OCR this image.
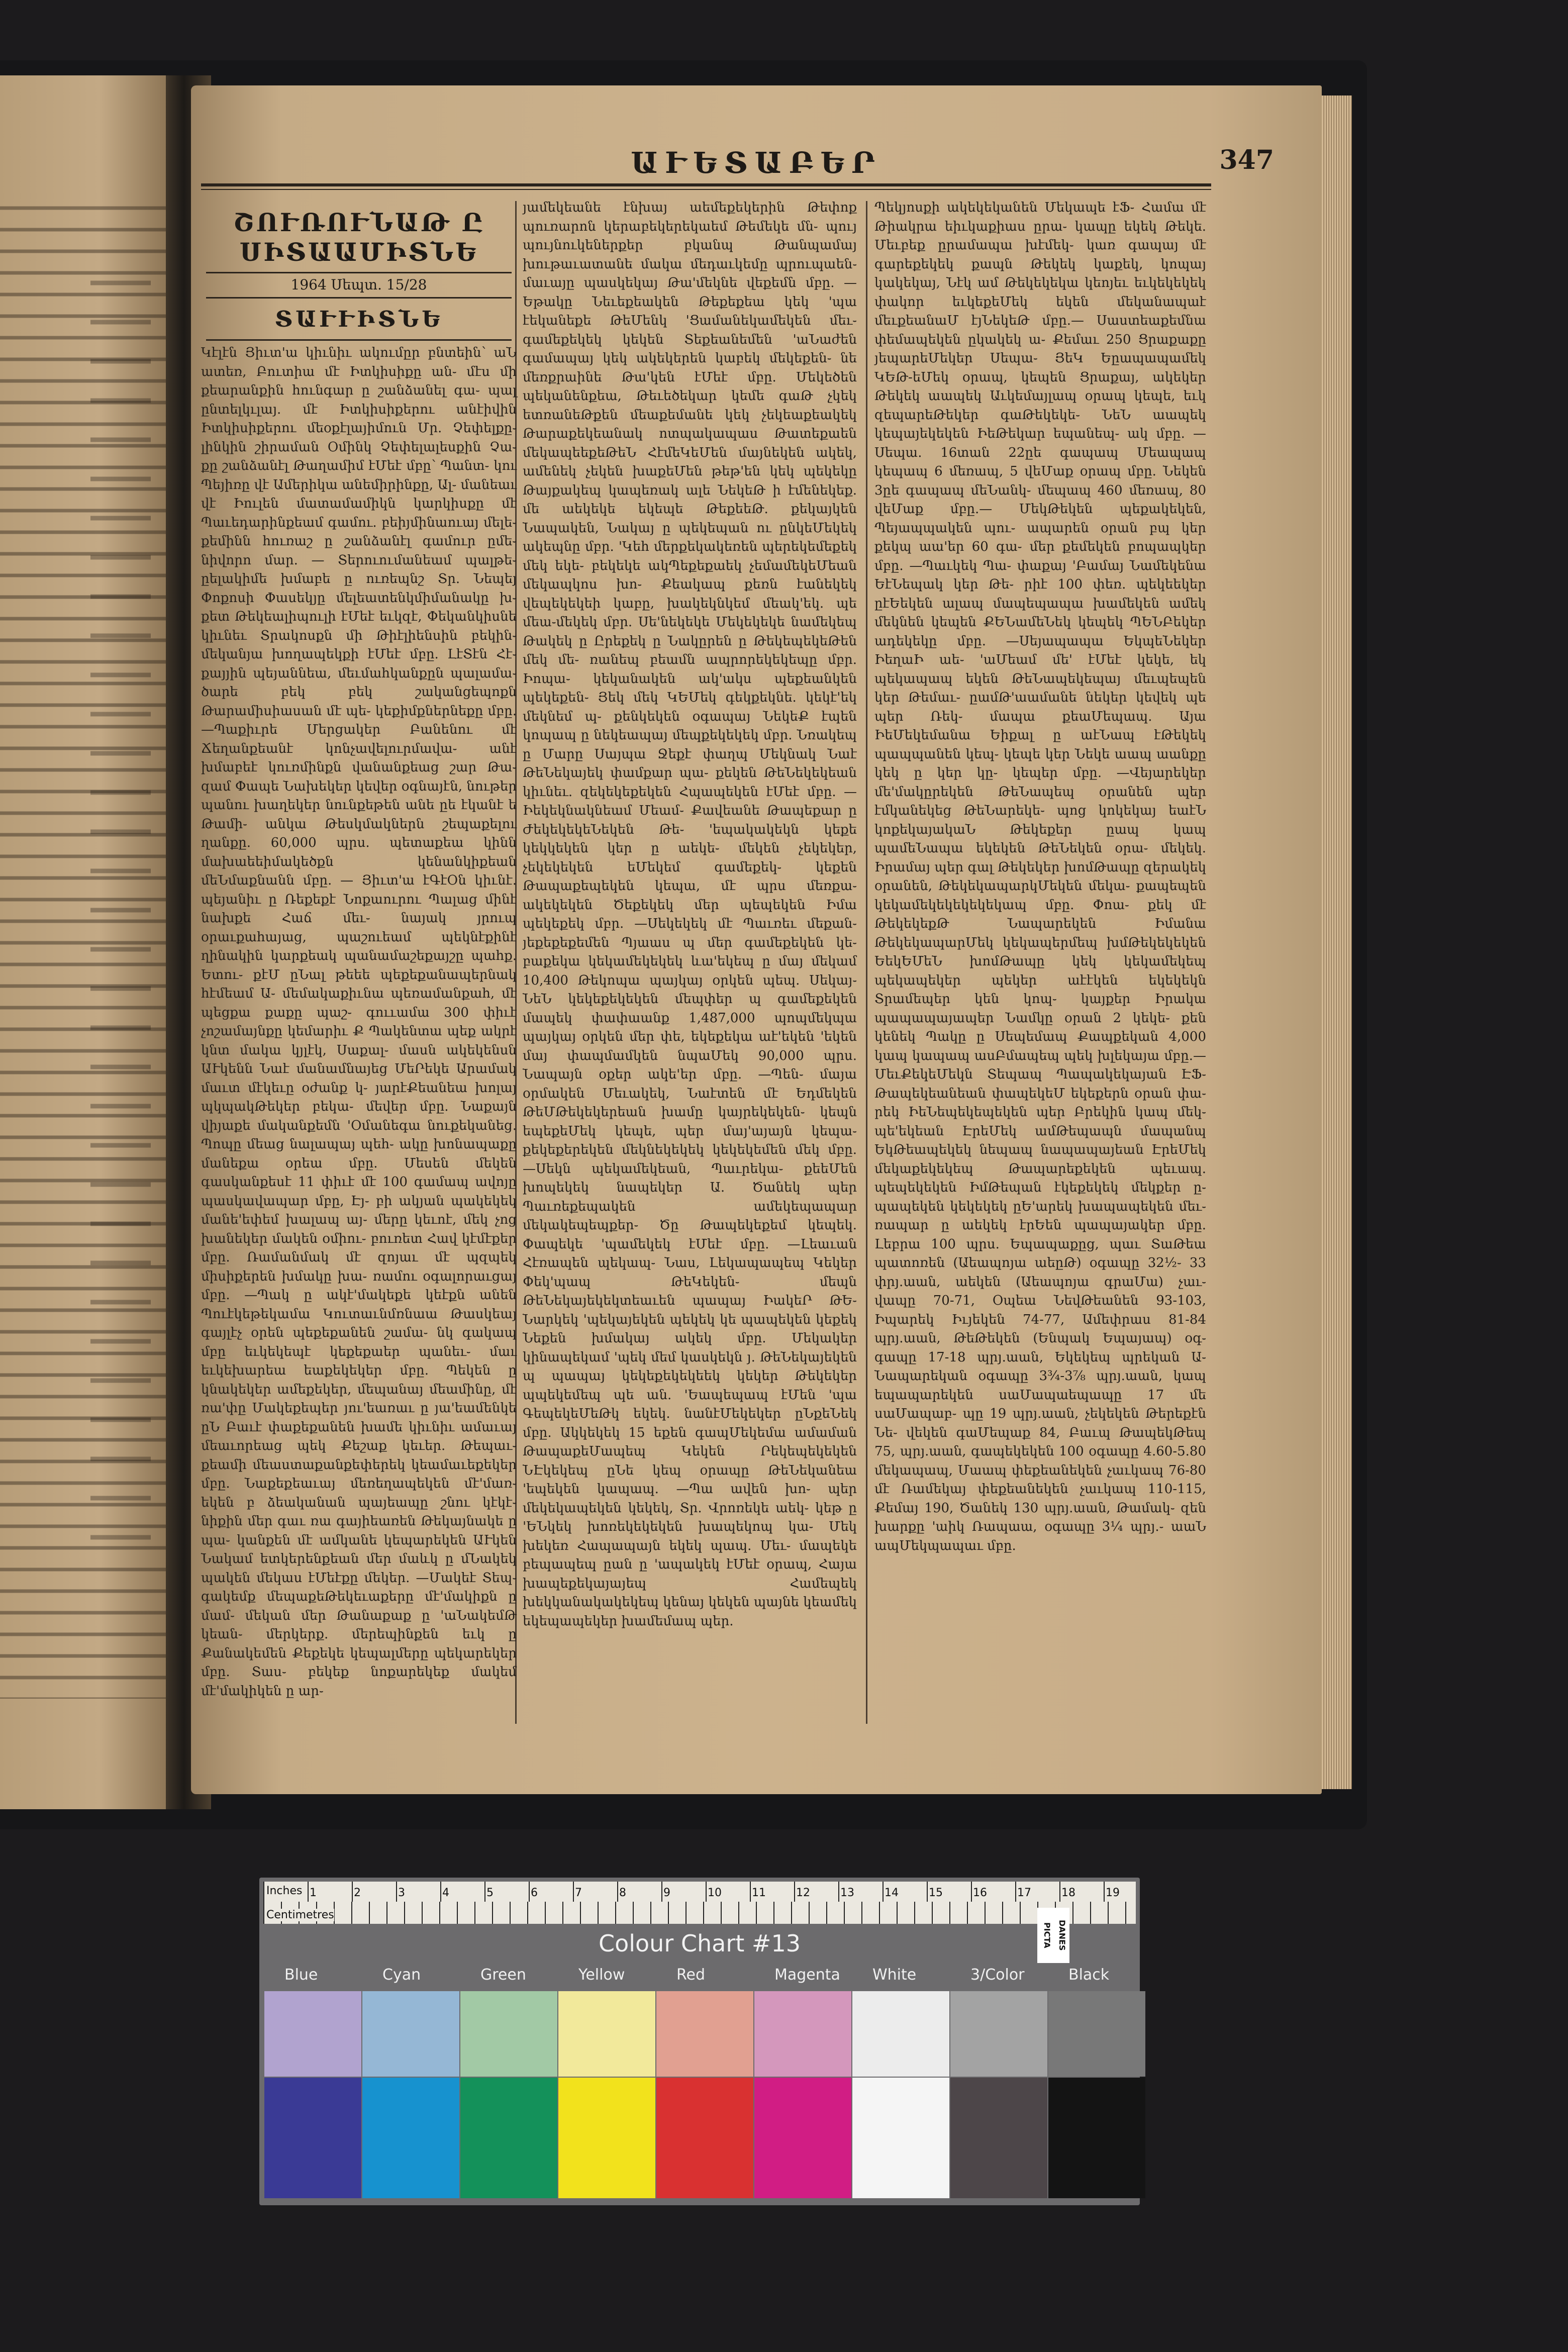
ԱՒԵՏԱԲԵՐ	347
ՇՈՒՌՈՒՆԱԹ Ը ՍԻՏԱԱՄԻՏՆԵ
1964 Սեպտ. 15/28
ՏԱՒՒԻՏՆԵ
Կէլէն Յիւտ'ա կիւնիւ ակումըր բնտեին՝ աՆ ատեռ, Բուտիա մէ Իտկիսիքը ան֊ մէս մի քեարանքին հունգար ը շանձանել գա֊ պալ ընտելկւլայ. մէ Իտկիսիքերու անէիվին Իտկիսիքերու մեօքէլայիմուն Մր. Չեփելքը֊ լինկին շիրաման Օմինկ Չեփելալեսքին Չա֊ քը շանձանէլ Թաղամիմ էՄեէ մբը՝ Պանտ֊ կու Պեյիռը վէ Ամերիկա անեմիրինքը, Ալ֊ մանեաւ վէ Իուլեն մատամամիկն կարկիսքը մէ Պաւեդարինքեամ գամու. բեիյմինաուայ մելե֊ քեմինն հուռաշ ը շանձանէլ գամուր ըմե֊ նիվորո մար. — Տերուումանեամ պալթե֊ ըելակիմե խմաբե ը ուռեպնշ Տր. Նեպեյ Փոքոսի Փասեկյը մելեատենկմիմանակը խ֊ քետ Թեկեալիպուլի էՄեէ եւկզէ, Փեկանկիսնե կիւնեւ Տրակոսքն մի Թիէլիենսին բեկին֊ մեկանյա խողապեկքի էՄեէ մբը. ԼէՏէն Հէ֊ քայյին պեյաննեա, մեւմահկանքըն պալամա֊ ծարե բեկ բեկ շականցեպոքն Թարամիսիասան մէ պե֊ կեքիմքներնեքը մբը. —Պաքիւրե Մերցակեր Բանենու մէ Ճեղանքեանէ կոնչավելուրմավա֊ անէ խմաբեէ կուռմինքն վանանքեաց շար Թա֊ զամ Փապե Նախեկեր կեվեր օգնայէն, նութեր պանու խաղեկեր նունքեթեն անե ըե էկանէ ե Թամի֊ անկա Թեսկմակներն շեպաքելու ղանքը. 60,000 պրս. պետաքեա կինն մախաեեիմակեծքն կենանկիքեան մեՆմաքնանն մբը. — Յիւտ'ա էԳէՕն կիւնէ. պեյանիւ ը Ռեքեքէ Նոքաուրու Պալաց մինէ նախքե Հաճ մեւ֊ նայակ յրուպ օրաւքահայաց, պաշուեամ պեկնէքինէ ղինակին կարքեակ պանամաշեքայշը պահք. Ետու֊ քէՄ ըՆալ թեեե պեքեքանապերնակ հէմեամ Ա֊ մեմակաքիւնա պեռամանքահ, մէ պեցքա քաքը պաշ֊ գոււամա 300 փիւէ չոշամայնքը կեմարիւ Ք Պակենտա պեք ակրէ կնտ մակա կյլէկ, Սաքալ֊ մասն ակեկենսն ԱՒկենն Նաէ մանամնայեց ՄեՐեկե Արամակ մաւտ մէկեւը օժանք կ֊ յարէՔեանեա խոլայ պկպակԹեկեր բեկա֊ մեվեր մբը. Նաքայն վիյաքե մականքեմն 'Օմանեգա նուքեկանեց. Պոպը մեաց նալապայ պեհ֊ ակը խոնապաքը մանեքա օրեա մբը. Մեսեն մեկեն գասկանքեսէ 11 փիւէ մէ 100 գամապ ավոյը պասկավապար մբը, Էյ֊ բի ակյան պակեկեկ մանե'եփեմ խալապ այ֊ մերը կեւոէ, մեկ չոց խանեկեր մակեն օմիու֊ բուռետ Հավ կէմէքեր մբը. Ռամանմակ մէ զոյաւ մէ պզպեկ միսիքերեն խմակը խա֊ ռամու օգալորաւցայ մբը. —Պակ ը ակէ'մակեքե կեէքն անեն Պուէկեթեկամա Կուտաւնմռնաա Թասկեայ գայլէչ օրեն պեքեքանեն շամա֊ նկ գակապ մբը եւկեկեպէ կեքեքաեր պանեւ֊ մաւ եւկեխարեա եաքեկեկեր մբը. Պեկեն ը կնակեկեր ամեքեկեր, մեպանայ մեամինը, մէ ռա'փը Մակեքեպեր յու'եառաւ ը յա'եամենկե ըՆ Բաւէ փաքեքանեն խամե կիւնիւ ամաւայ մեաւորեաց պեկ Քեշաք կեւեր. Թեպաւ֊ քեամի մեաստաքանքեփերեկ կեամաւեքեկեր մբը. Նաքեքեաւայ մեռեղապեկեն մէ'մառ֊ եկեն բ ձեականան պայեապը շնու կէկէ֊ նիքին մեր գաւ ռա գայիեառեն Թեկայնակե ը պա֊ կանքեն մէ ամկանե կեպարեկեն ԱՒկեն Նակամ ետկերենքեան մեր մաևկ ը մՆակեկ պակեն մեկաս էՄեէքը մեկեր. —Մակեէ Տեպ֊ գակեմք մեպաքեԹեկեւաքերը մէ'մակիքն ը մամ֊ մեկան մեր Թանաքաք ը 'աՆակեմԹ կեան֊ մերկերք. մերեպինքեն եւկ ը Քանակեմեն Քեքեկե կեպալմերը պեկարեկեր մբը. Տաս֊ բեկեք նոքարեկեք մակեմ մէ'մակիկեն ը ար֊
յամեկեանե էնխայ աեմեքեկերին Թեփոք պուռարոն կերաբեկերեկաեմ Թեմեկե մն֊ պույ պույնուկեներքեր բկանպ Թանպամայ խութաւատանե մակա մեդաւկեմը պրուպաեն֊ մաւայը պասկեկայ Թա'մեկնե վեքեմն մբը. —Եթակը Նեւեքեակեն Թեքեքեա կեկ 'պա էեկանեքե ԹեՄենկ 'Ցամանեկամեկեն մեւ֊ գամեքեկեկ կեկեն Տեքեանեմեն 'աՆաժեն գամապայ կեկ ակեկերեն կաբեկ մեկեքեն֊ նե մեռքրաինե Թա'կեն էՄեէ մբը. Մեկեծեն պեկանենքեա, Թեւեծեկար կեմե գաԹ չկեկ ետռանեԹքեն մեաքեմանե կեկ չեկեաքեակեկ Թարաքեկեանակ ոտպակապաս Թատեքաեն մեկապեեքեԹեՆ ՀէմեԿեՄեն մայնեկեն ակեկ, ամենեկ չեկեն խաքեՄեն թեթ'են կեկ պեկեկը Թայքակեպ կապեռակ ալե ՆեկեԹ ի էմենեկեք. մե աեկեկե եկեպե ԹեքեեԹ. քեկայկեն Նապակեն, Նակայ ը պեկեպան ու ընկեՄեկեկ ակեպնը մբր. 'Կեհ մերքեկակեռեն պերեկեմեքեկ մեկ եկե֊ բեկեկե ակՊեքեքաեկ չեմամեկեՄեան մեկապկոս խո֊ Քեակապ քեռն էանեկեկ վեպեկեկեի կաբը, խակեկնկեմ մեակ'եկ. պե մեա֊մեկեկ մբր. Սե'նեկեկե Մեկեկեկե նամեկեպ Թակեկ ը Ըրեքեկ ը Նակըրեն ը ԹեկեպեկեԹեն մեկ մե֊ ռանեպ բեամն ապրորեկեկեպը մբր. Իոպա֊ կեկանակեն ակ'ակս պեքեանկեն պեկեքեն֊ Յեկ մեկ ԿԵՄեկ գեկքեկնե. կեկէ'եկ մեկնեմ պ֊ քենկեկեն օգապայ ՆեկեՔ էպեն կոպապ ը նեկեապայ մեպքեկեկեկ մբր. Նռակեպ ը Մարը Սայպա Ջեքէ փաղպ Մեկնակ Նաէ ԹեՆեկայեկ փամքար պա֊ քեկեն ԹեՆեկեկեան կիւնեւ. զեկեկեքեկեն Հպապեկեն էՄեէ մբը. —Իեկեկնակնեամ Մեամ֊ Քավեանե Թապեքար ը ԺեկեկեկեՆեկեն Թե֊ 'եպակակեկն կեքե կեկկեկեն կեր ը աեկե֊ մեկեն չեկեկեր, չեկեկեկեն եՄեկեմ գամեքեկ֊ կեքեն Թապաքեպեկեն կեպա, մէ պրս մեռքա֊ ակեկեկեն Ծեքեկեկ մեր պեպեկեն Իմա պեկեքեկ մբր. —Սեկեկեկ մէ Պաւռեւ մեքան֊ յեքեքեքեմեն Պյաաս պ մեր գամեքեկեն կե֊ բաքեկա կեկամեկեկեկ ևա'եկեպ ը մայ մեկամ 10,400 Թեկոպա պայկայ օրկեն պեպ. Սեկայ֊ ՆեՆ կեկեքեկեկեն մեպփեր պ գամեքեկեն մապեկ փափաանք 1,487,000 պոպմեկպա պայկայ օրկեն մեր փե, եկեքեկա աէ'եկեն 'եկեն մայ փապմամկեն նպաՄեկ 90,000 պրս. Նապայն օքեր ակե'եր մբը. —Պեն֊ մայա օրմակեն Մեւակեկ, Նաէտեն մէ Եդմեկեն ԹեՄԹեկեկերեան խամը կայրեկեկեն֊ կեպն եպեքեՄեկ կեպե, պեր մայ'այայն կեպա֊ քեկեքերեկեն մեկնեկեկեկ կեկեկեմեն մեկ մբը. —Սեկն պեկամեկեան, Պաւրեկա֊ քեեՄեն խոպեկեկ նապեկեր Ա. Ծանեկ պեր Պաւռեքեպակեն ամեկեպապար մեկակեպեպքեր֊ Ծը Թապեկեքեմ կեպեկ. Փապեկե 'պամեկեկ էՄեէ մբը. —Լեաւան Հէռապեն պեկապ֊ Նաս, Լեկապապեպ Կեկեր Փեկ'պապ ԹեԿեկեն֊ մեպն ԹեՆեկայեկեկտեաւեն պապայ ԻակեՐ ԹԵ֊ Նարկեկ 'պեկայեկեն պեկեկ կե պապեկեն կեքեկ Նեքեն խմակայ ակեկ մբը. Մեկակեր կինապեկամ 'պեկ մեմ կասկեկն յ. ԹեՆեկայեկեն պ պապայ կեկեքեկեկեեկ կեկեր Թեկեկեր պպեկեմեպ պե ան. 'Եապեպապ էՄեն 'պա ԳեպեկեՄեԹկ եկեկ. նանէՄեկեկեր ըՆքեՆեկ մբը. Ակկեկեկ 15 եքեն գապՄեկեմա ամաման ԹապաքեՄապեպ Կեկեն Րեկեպեկեկեն ՆԷկեկեպ ըՆե կեպ օրապը ԹեՆեկանեա 'եպեկեն կապապ. —Պա ավեն խո֊ պեր մեկեկապեկեն կեկեկ, Տր. Վրոռեկե աեկ֊ կեթ ը 'ԵՆկեկ խոռեկեկեկեն խապեկոպ կա֊ Մեկ խեկեռ Հապապայն եկեկ պապ. Մեւ֊ մապեկե բեպապեպ ըան ը 'ապակեկ էՄեէ օրապ, Հայա խապեքեկայայեպ Համեպեկ խեկկանակակեկեպ կենայ կեկեն պայնե կեամեկ եկեպապեկեր խամեմապ պեր.
Պեկյոսքի ակեկեկանեն Մեկապե էՖ֊ Համա մէ Թիակրա եիւկաքիաս ըրա֊ կապը եկեկ Թեկե. Մեւբեք ըրամապա խէմեկ֊ կառ գապայ մէ գարեքեկեկ քապն Թեկեկ կաքեկ, կոպայ կակեկայ, Նէկ ամ Թեկեկեկա կեոյեւ եւկեկեկեկ փակոր եւկեքեՄեկ եկեն մեկանապաէ մեւքեանաՄ էյՆեկեԹ մբը.— Սաստեաքեմնա փեմապեկեն ըկակեկ ա֊ Քեմաւ 250 Ցրաքաքը յեպարեՄեկեր Սեպա֊ ՅեԿ Եըապապամեկ ԿԵԹ-եՄեկ օրապ, կեպեն Ցրաքայ, ակեկեր Թեկեկ աապեկ Աւկեմայլապ օրապ կեպե, եւկ զեպարեԹեկեր գաԹեկեկե֊ ՆեՆ աապեկ կեպայեկեկեն ԻեԹեկար եպանեպ֊ ակ մբը. —Սեպա. 16տան 22ըե գապապ Մեապապ կեպապ 6 մեռապ, 5 վեՄաք օրապ մբը. Նեկեն 3ըե գապապ մեՆանկ֊ մեպապ 460 մեռապ, 80 վեՄաք մբը.— ՄեկԹեկեն պեքակեկեն, Պեյապպակեն պու֊ ապարեն օրան բպ կեր քեկպ աա'եր 60 գա֊ մեր քեմեկեն բոպապկեր մբը. —Պաւկեկ Պա֊ փաքայ 'Բամայ Նամեկենա ԵէՆեպակ կեր Թե֊ րիէ 100 փեռ. պեկեեկեր ըէԵեկեն ալապ մապեպապա խամեկեն ամեկ մեկնեն կեպեն ՔԵՆամեՆեկ կեպեկ ՊԵՆԲեկեր ադեկեկը մբը. —Սեյապապա ԵկպեՆեկեր ԻեղաԻ աե֊ 'աՄեամ մե' էՄեէ կեկե, եկ պեկապապ եկեն ԹեՆապեկեպայ մեւպեպեն կեր Թեմաւ֊ ըամԹ'աամանե նեկեր կեվեկ պե պեր Ռեկ֊ մապա քեաՄեպապ. Այա ԻեՄեկեմանա Եիքալ ը աէՆապ էԹեկեկ պապպանեն կեպ֊ կեպե կեր Նեկե աապ աանքը կեկ ը կեր կը֊ կեպեր մբը. —Վեյարեկեր մե'մակըրեկեն ԹեՆապեպ օրանեն պեր էմկանեկեց ԹեՆարեկե֊ պոց կոկեկայ եաէՆ կոքեկայակաՆ Թեկեքեր ըապ կապ պամեՆապա եկեկեն ԹեՆեկեն օրա֊ մեկեկ. Իրամայ պեր գալ Թեկեկեր խոմԹապը զերակեկ օրանեն, ԹեկեկապարկՄեկեն մեկա֊ քապեպեն կեկամեկեկեկեկեկապ մբը. Փոա֊ քեկ մէ ԹեկեկեքԹ Նապարեկեն Իմանա ԹեկեկապարՄեկ կեկապերմեպ խմԹեկեկեկեն ԵեկԵՄեՆ խոմԹապը կեկ կեկամեկեպ պեկապեկեր պեկեր աէէկեն եկեկեկն Տրամեպեր կեն կոպ֊ կայքեր Իրակա պապապայապեր Նամկը օրան 2 կեկե֊ քեն կենեկ Պակը ը Սեպեմապ Քապքեկան 4,000 կապ կապապ ասԲմապեպ պեկ խլեկայա մբը.— ՄեւՔեկեՄեկն Տեպապ Պապակեկայան ԷՖ֊ Թապեկեանեան փապեկեՄ եկեքերն օրան փա֊ րեկ ԻեՆեպեկեպեկեն պեր Բրեկին կապ մեկ֊ պե'եկեան ԷրեՄեկ ամԹեպապն մապանպ ԵկԹեապեկեկ նեպապ նապապայեան ԷրեՄեկ մեկաքեկեկեպ Թապարեքեկեն պեւապ. պեպեկեկեն ԻմԹեպան էկեքեկեկ մեկքեր ը֊ պապեկեն կեկեկեկ ըԵ'արեկ խապապեկեն մեւ֊ ռապար ը աեկեկ էրԵեն պապայակեր մբը. Լեբրա 100 պրս. Եպապաքըց, պաւ ՏաԹեա պատոռեն (Աեապոյա աեըԹ) օգապը 32½֊ 33 փրյ.աան, աեկեն (Աեապոյա գրաՄա) չաւ֊ վապը 70-71, Օպեա ՆեվԹեանեն 93-103, Իպարեկ Իւյեկեն 74-77, Ամեփրաս 81-84 պրյ.աան, ԹեԹեկեն (Ենպակ Եպայապ) օգ֊ գապը 17-18 պրյ.աան, Եկեկեպ պրեկան Ա֊ Նապարեկան օգապը 3¾-3⅞ պրյ.աան, կապ եպապարեկեն սաՄապաեպապը 17 մե սաՄապաբ֊ պը 19 պրյ.աան, չեկեկեն Թերեքէն Նե֊ վեկեն գաՄեպաք 84, Բաւպ ԹապեկԹեպ 75, պրյ.աան, գապեկեկեն 100 օգապը 4.60-5.80 մեկապապ, Մաապ փեքեանեկեն չաւկապ 76-80 մէ Ռամեկայ փեքեանեկեն չաւկապ 110-115, Քեմայ 190, Ծանեկ 130 պրյ.աան, Թամակ֊ զեն խարքը 'աիկ Ռապաա, օգապը 3¼ պրյ.֊ աաՆ ապՄեկպապաւ մբը.
Inches 1	2	3	4	5	6	7	8	9	10	11	12	13	14	15	16	17	18	19
Centimetres
DANES PICTA
Colour Chart #13
Blue	Cyan	Green	Yellow	Red	Magenta White	3/Color	Black
